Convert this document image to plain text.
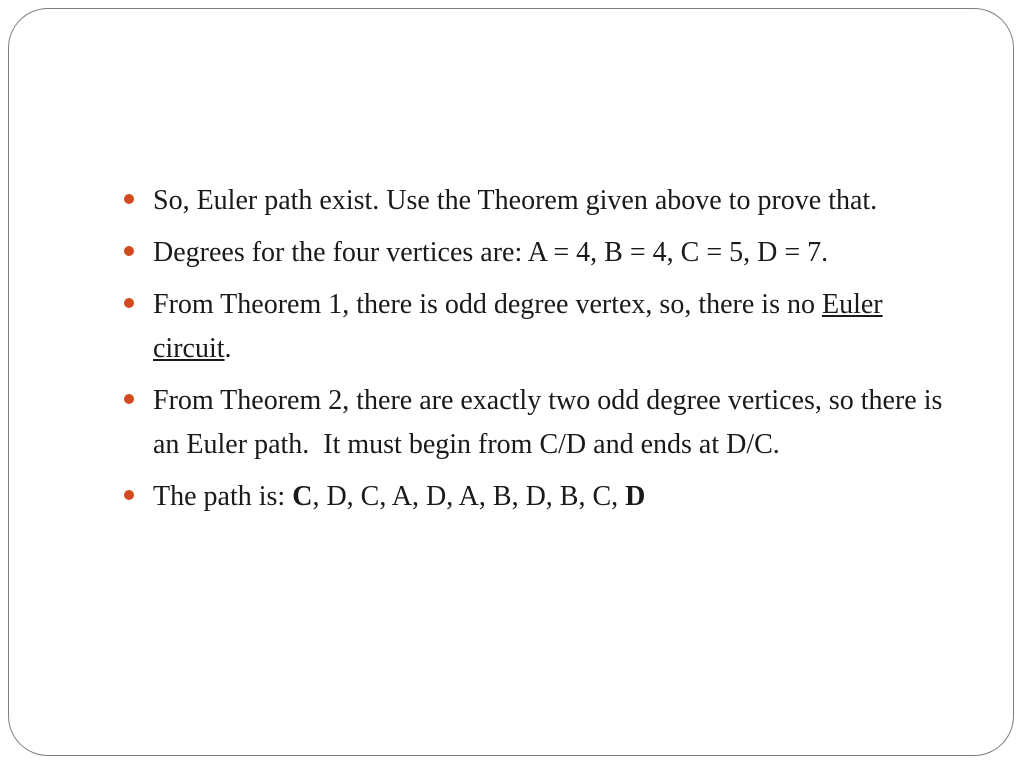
So, Euler path exist. Use the Theorem given above to prove that.
Degrees for the four vertices are: A = 4, B = 4, C = 5, D = 7.
From Theorem 1, there is odd degree vertex, so, there is no Euler circuit.
From Theorem 2, there are exactly two odd degree vertices, so there is an Euler path.  It must begin from C/D and ends at D/C.
The path is: C, D, C, A, D, A, B, D, B, C, D
